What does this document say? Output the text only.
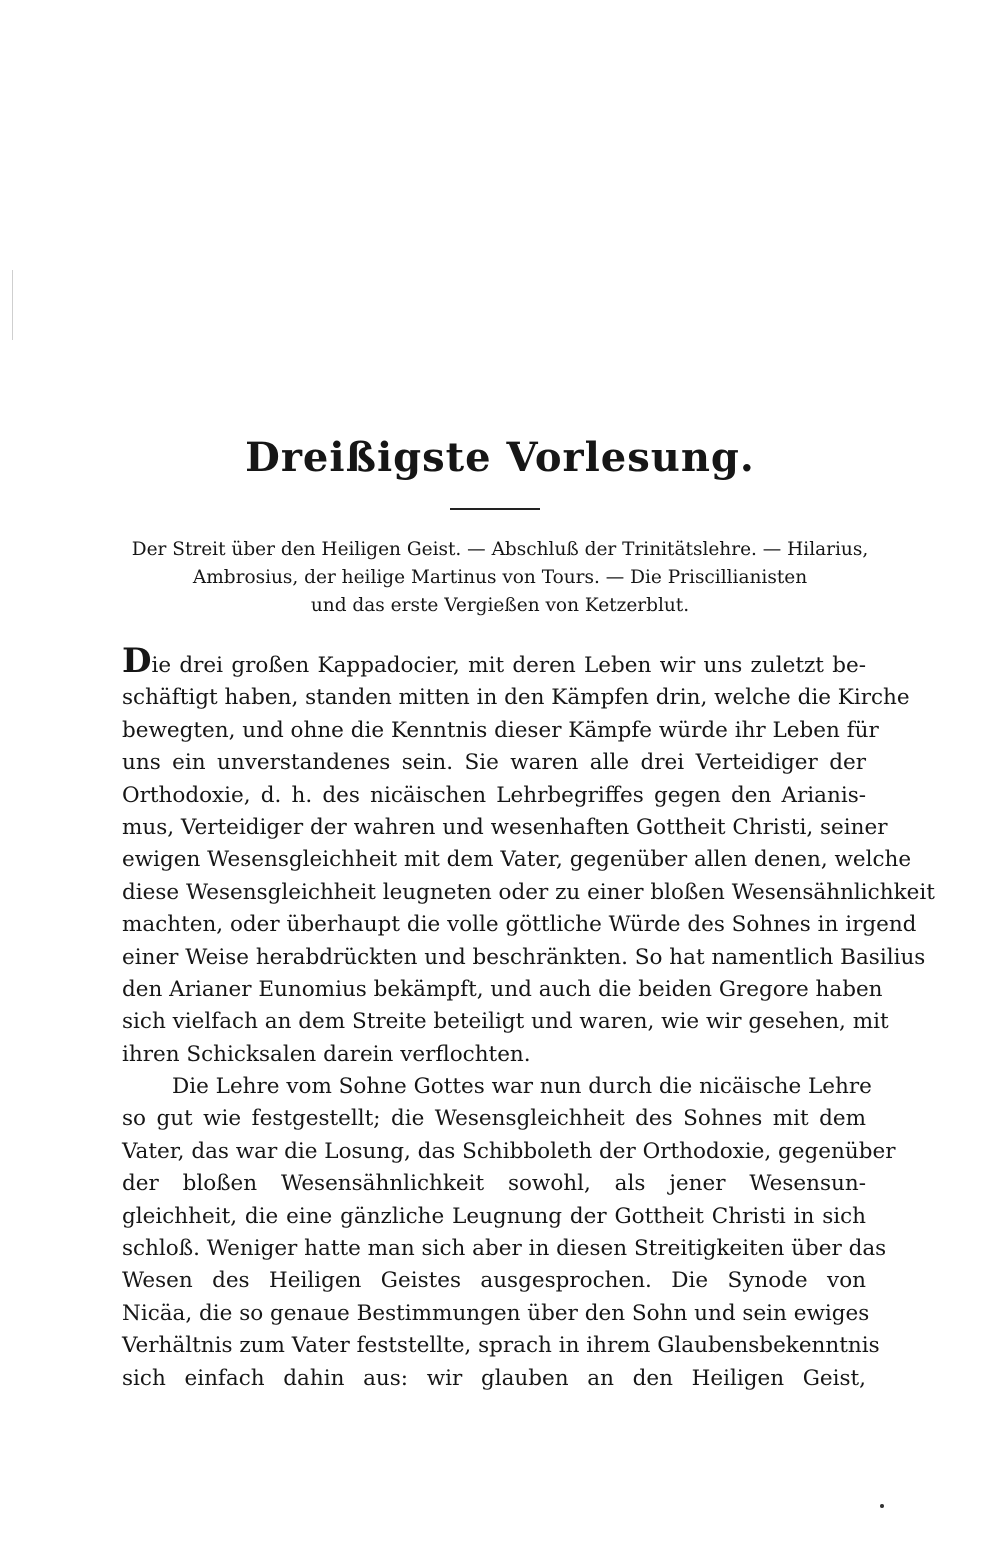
Dreißigste Vorlesung.
Der Streit über den Heiligen Geist. — Abschluß der Trinitätslehre. — Hilarius,
Ambrosius, der heilige Martinus von Tours. — Die Priscillianisten
und das erste Vergießen von Ketzerblut.
Die drei großen Kappadocier, mit deren Leben wir uns zuletzt be-
schäftigt haben, standen mitten in den Kämpfen drin, welche die Kirche
bewegten, und ohne die Kenntnis dieser Kämpfe würde ihr Leben für
uns ein unverstandenes sein. Sie waren alle drei Verteidiger der
Orthodoxie, d. h. des nicäischen Lehrbegriffes gegen den Arianis-
mus, Verteidiger der wahren und wesenhaften Gottheit Christi, seiner
ewigen Wesensgleichheit mit dem Vater, gegenüber allen denen, welche
diese Wesensgleichheit leugneten oder zu einer bloßen Wesensähnlichkeit
machten, oder überhaupt die volle göttliche Würde des Sohnes in irgend
einer Weise herabdrückten und beschränkten. So hat namentlich Basilius
den Arianer Eunomius bekämpft, und auch die beiden Gregore haben
sich vielfach an dem Streite beteiligt und waren, wie wir gesehen, mit
ihren Schicksalen darein verflochten.
Die Lehre vom Sohne Gottes war nun durch die nicäische Lehre
so gut wie festgestellt; die Wesensgleichheit des Sohnes mit dem
Vater, das war die Losung, das Schibboleth der Orthodoxie, gegenüber
der bloßen Wesensähnlichkeit sowohl, als jener Wesensun-
gleichheit, die eine gänzliche Leugnung der Gottheit Christi in sich
schloß. Weniger hatte man sich aber in diesen Streitigkeiten über das
Wesen des Heiligen Geistes ausgesprochen. Die Synode von
Nicäa, die so genaue Bestimmungen über den Sohn und sein ewiges
Verhältnis zum Vater feststellte, sprach in ihrem Glaubensbekenntnis
sich einfach dahin aus: wir glauben an den Heiligen Geist,
